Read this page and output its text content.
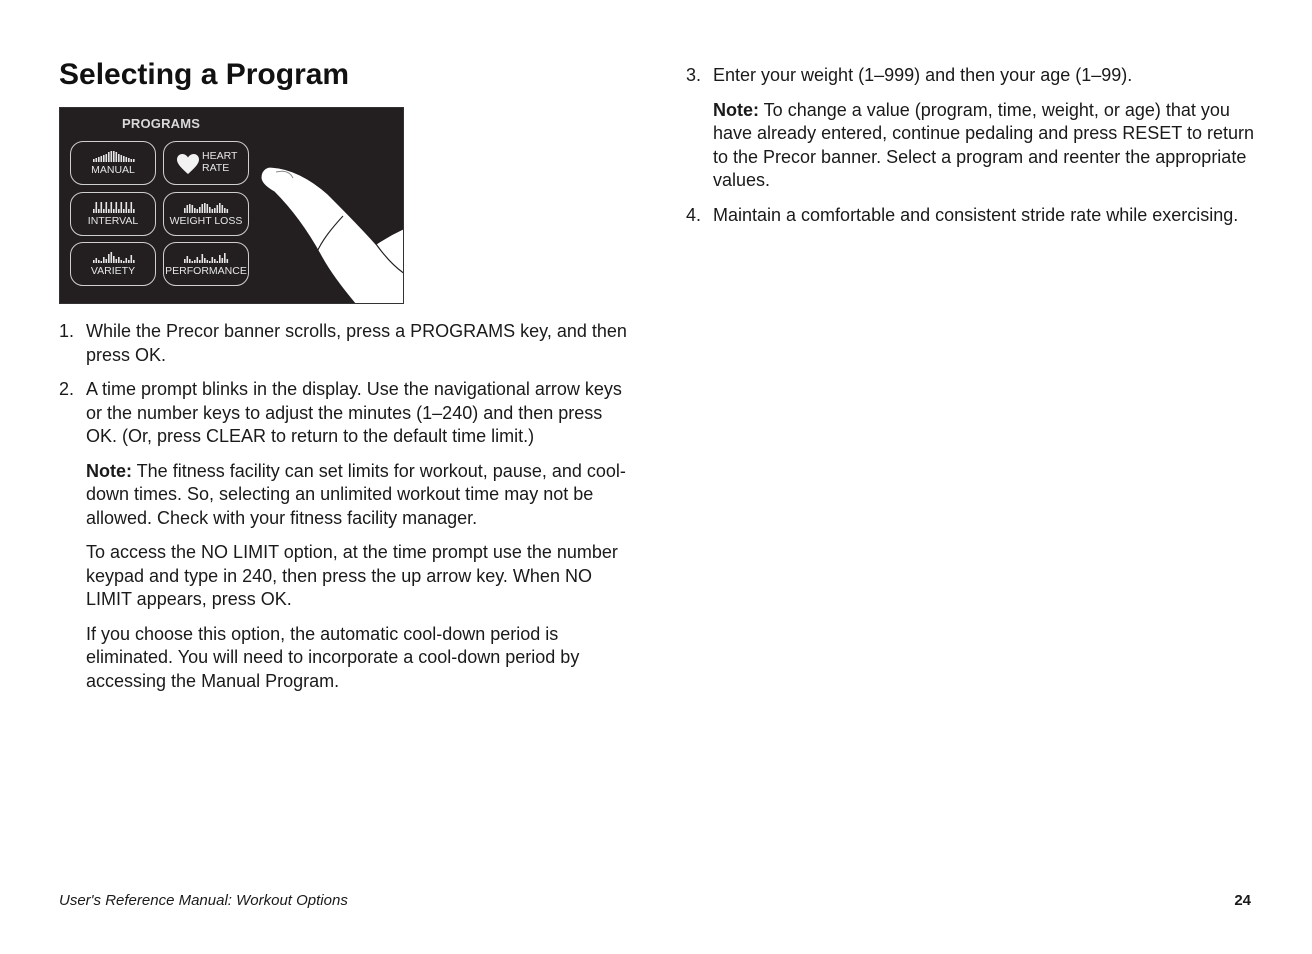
Selecting a Program
PROGRAMS
MANUAL
HEART
RATE
INTERVAL	WEIGHT LOSS
VARIETY	PERFORMANCE
1. While the Precor banner scrolls, press a PROGRAMS key, and then press OK.

2. A time prompt blinks in the display. Use the navigational arrow keys or the number keys to adjust the minutes (1–240) and then press OK. (Or, press CLEAR to return to the default time limit.)

Note: The fitness facility can set limits for workout, pause, and cool-down times. So, selecting an unlimited workout time may not be allowed. Check with your fitness facility manager.

To access the NO LIMIT option, at the time prompt use the number keypad and type in 240, then press the up arrow key. When NO LIMIT appears, press OK.

If you choose this option, the automatic cool-down period is eliminated. You will need to incorporate a cool-down period by accessing the Manual Program.

3. Enter your weight (1–999) and then your age (1–99).

Note: To change a value (program, time, weight, or age) that you have already entered, continue pedaling and press RESET to return to the Precor banner. Select a program and reenter the appropriate values.

4. Maintain a comfortable and consistent stride rate while exercising.

User's Reference Manual: Workout Options	24
